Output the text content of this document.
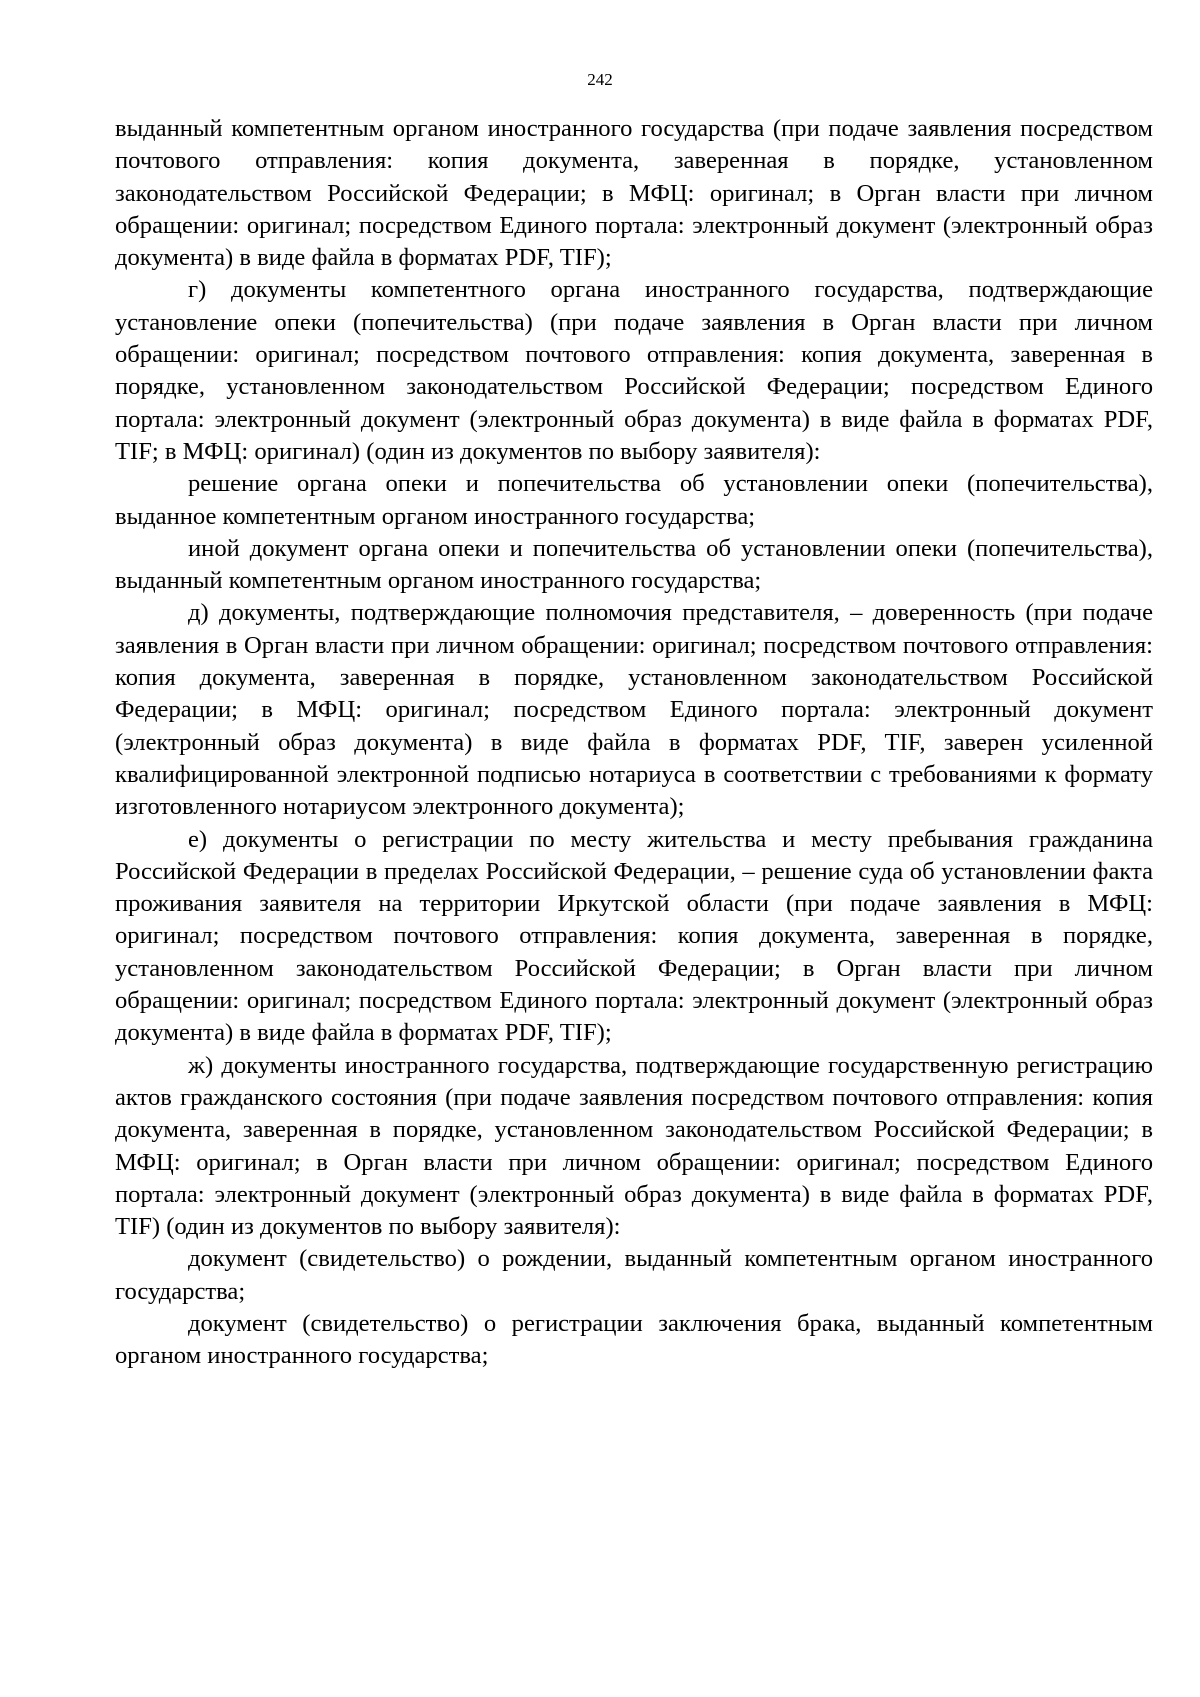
242

выданный компетентным органом иностранного государства (при подаче заявления посредством почтового отправления: копия документа, заверенная в порядке, установленном законодательством Российской Федерации; в МФЦ: оригинал; в Орган власти при личном обращении: оригинал; посредством Единого портала: электронный документ (электронный образ документа) в виде файла в форматах PDF, TIF);

г) документы компетентного органа иностранного государства, подтверждающие установление опеки (попечительства) (при подаче заявления в Орган власти при личном обращении: оригинал; посредством почтового отправления: копия документа, заверенная в порядке, установленном законодательством Российской Федерации; посредством Единого портала: электронный документ (электронный образ документа) в виде файла в форматах PDF, TIF; в МФЦ: оригинал) (один из документов по выбору заявителя):

решение органа опеки и попечительства об установлении опеки (попечительства), выданное компетентным органом иностранного государства;

иной документ органа опеки и попечительства об установлении опеки (попечительства), выданный компетентным органом иностранного государства;

д) документы, подтверждающие полномочия представителя, – доверенность (при подаче заявления в Орган власти при личном обращении: оригинал; посредством почтового отправления: копия документа, заверенная в порядке, установленном законодательством Российской Федерации; в МФЦ: оригинал; посредством Единого портала: электронный документ (электронный образ документа) в виде файла в форматах PDF, TIF, заверен усиленной квалифицированной электронной подписью нотариуса в соответствии с требованиями к формату изготовленного нотариусом электронного документа);

е) документы о регистрации по месту жительства и месту пребывания гражданина Российской Федерации в пределах Российской Федерации, – решение суда об установлении факта проживания заявителя на территории Иркутской области (при подаче заявления в МФЦ: оригинал; посредством почтового отправления: копия документа, заверенная в порядке, установленном законодательством Российской Федерации; в Орган власти при личном обращении: оригинал; посредством Единого портала: электронный документ (электронный образ документа) в виде файла в форматах PDF, TIF);

ж) документы иностранного государства, подтверждающие государственную регистрацию актов гражданского состояния (при подаче заявления посредством почтового отправления: копия документа, заверенная в порядке, установленном законодательством Российской Федерации; в МФЦ: оригинал; в Орган власти при личном обращении: оригинал; посредством Единого портала: электронный документ (электронный образ документа) в виде файла в форматах PDF, TIF) (один из документов по выбору заявителя):

документ (свидетельство) о рождении, выданный компетентным органом иностранного государства;

документ (свидетельство) о регистрации заключения брака, выданный компетентным органом иностранного государства;
